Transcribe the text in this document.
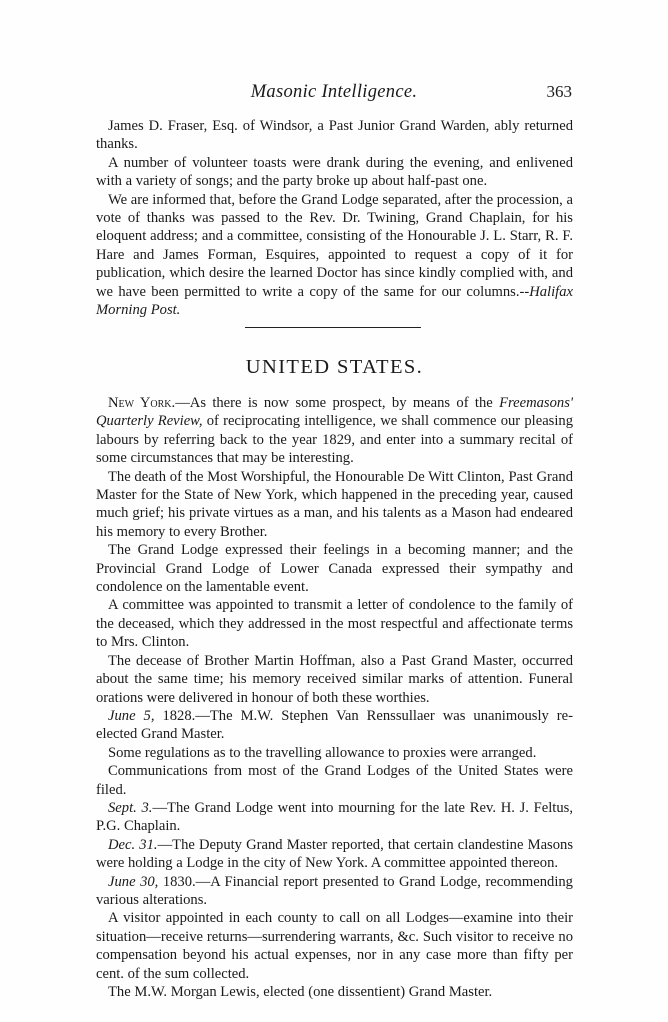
Masonic Intelligence.	363

James D. Fraser, Esq. of Windsor, a Past Junior Grand Warden, ably returned thanks.

A number of volunteer toasts were drank during the evening, and enlivened with a variety of songs; and the party broke up about half-past one.

We are informed that, before the Grand Lodge separated, after the procession, a vote of thanks was passed to the Rev. Dr. Twining, Grand Chaplain, for his eloquent address; and a committee, consisting of the Honourable J. L. Starr, R. F. Hare and James Forman, Esquires, appointed to request a copy of it for publication, which desire the learned Doctor has since kindly complied with, and we have been permitted to write a copy of the same for our columns.--Halifax Morning Post.

UNITED STATES.

New York.—As there is now some prospect, by means of the Freemasons' Quarterly Review, of reciprocating intelligence, we shall commence our pleasing labours by referring back to the year 1829, and enter into a summary recital of some circumstances that may be interesting.

The death of the Most Worshipful, the Honourable De Witt Clinton, Past Grand Master for the State of New York, which happened in the preceding year, caused much grief; his private virtues as a man, and his talents as a Mason had endeared his memory to every Brother.

The Grand Lodge expressed their feelings in a becoming manner; and the Provincial Grand Lodge of Lower Canada expressed their sympathy and condolence on the lamentable event.

A committee was appointed to transmit a letter of condolence to the family of the deceased, which they addressed in the most respectful and affectionate terms to Mrs. Clinton.

The decease of Brother Martin Hoffman, also a Past Grand Master, occurred about the same time; his memory received similar marks of attention. Funeral orations were delivered in honour of both these worthies.

June 5, 1828.—The M.W. Stephen Van Renssullaer was unanimously re-elected Grand Master.

Some regulations as to the travelling allowance to proxies were arranged.

Communications from most of the Grand Lodges of the United States were filed.

Sept. 3.—The Grand Lodge went into mourning for the late Rev. H. J. Feltus, P.G. Chaplain.

Dec. 31.—The Deputy Grand Master reported, that certain clandestine Masons were holding a Lodge in the city of New York. A committee appointed thereon.

June 30, 1830.—A Financial report presented to Grand Lodge, recommending various alterations.

A visitor appointed in each county to call on all Lodges—examine into their situation—receive returns—surrendering warrants, &c. Such visitor to receive no compensation beyond his actual expenses, nor in any case more than fifty per cent. of the sum collected.

The M.W. Morgan Lewis, elected (one dissentient) Grand Master.
